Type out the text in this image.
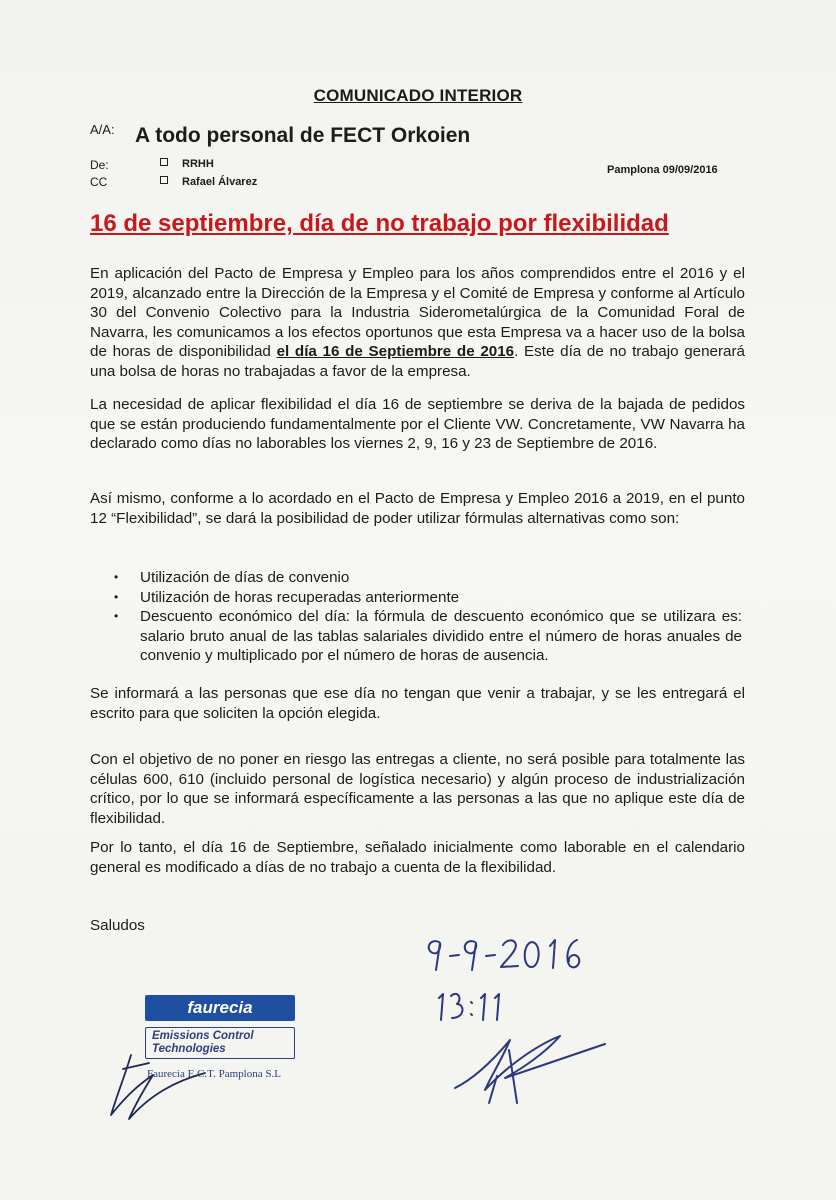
COMUNICADO INTERIOR
A/A: A todo personal de FECT Orkoien
De:
CC
RRHH
Rafael Álvarez
Pamplona 09/09/2016
16 de septiembre, día de no trabajo por flexibilidad
En aplicación del Pacto de Empresa y Empleo para los años comprendidos entre el 2016 y el 2019, alcanzado entre la Dirección de la Empresa y el Comité de Empresa y conforme al Artículo 30 del Convenio Colectivo para la Industria Siderometalúrgica de la Comunidad Foral de Navarra, les comunicamos a los efectos oportunos que esta Empresa va a hacer uso de la bolsa de horas de disponibilidad el día 16 de Septiembre de 2016. Este día de no trabajo generará una bolsa de horas no trabajadas a favor de la empresa.
La necesidad de aplicar flexibilidad el día 16 de septiembre se deriva de la bajada de pedidos que se están produciendo fundamentalmente por el Cliente VW. Concretamente, VW Navarra ha declarado como días no laborables los viernes 2, 9, 16 y 23 de Septiembre de 2016.
Así mismo, conforme a lo acordado en el Pacto de Empresa y Empleo 2016 a 2019, en el punto 12 “Flexibilidad”, se dará la posibilidad de poder utilizar fórmulas alternativas como son:
• Utilización de días de convenio
• Utilización de horas recuperadas anteriormente
• Descuento económico del día: la fórmula de descuento económico que se utilizara es: salario bruto anual de las tablas salariales dividido entre el número de horas anuales de convenio y multiplicado por el número de horas de ausencia.
Se informará a las personas que ese día no tengan que venir a trabajar, y se les entregará el escrito para que soliciten la opción elegida.
Con el objetivo de no poner en riesgo las entregas a cliente, no será posible para totalmente las células 600, 610 (incluido personal de logística necesario) y algún proceso de industrialización crítico, por lo que se informará específicamente a las personas a las que no aplique este día de flexibilidad.
Por lo tanto, el día 16 de Septiembre, señalado inicialmente como laborable en el calendario general es modificado a días de no trabajo a cuenta de la flexibilidad.
Saludos
faurecia
Emissions Control
Technologies
Faurecia E.C.T. Pamplona S.L
